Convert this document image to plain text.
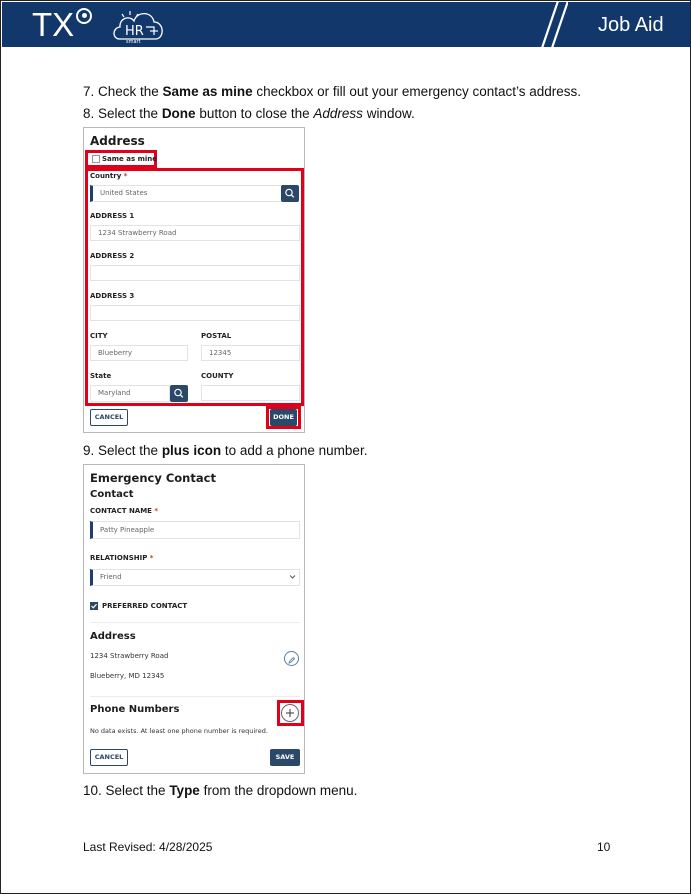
TX	HR
smart
Job Aid
7. Check the Same as mine checkbox or fill out your emergency contact’s address.
8. Select the Done button to close the Address window.
Address
Same as mine
Country *
United States
ADDRESS 1
1234 Strawberry Road
ADDRESS 2
ADDRESS 3
CITY
Blueberry
POSTAL
12345
State
Maryland
COUNTY
CANCEL	DONE
9. Select the plus icon to add a phone number.
Emergency Contact
Contact
CONTACT NAME *
Patty Pineapple
RELATIONSHIP *
Friend
PREFERRED CONTACT
Address
1234 Strawberry Road
Blueberry, MD 12345
Phone Numbers
No data exists. At least one phone number is required.
CANCEL	SAVE
10. Select the Type from the dropdown menu.
Last Revised: 4/28/2025	10
